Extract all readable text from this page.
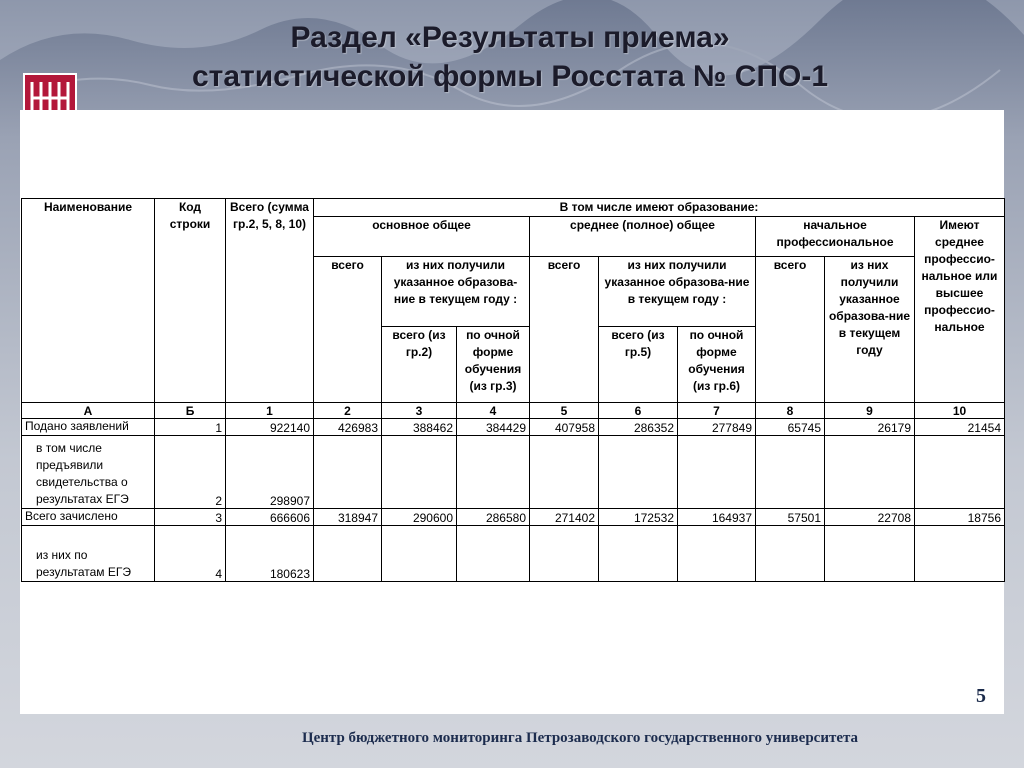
Раздел «Результаты приема»
статистической формы Росстата № СПО-1
Наименование	Код строки	Всего (сумма гр.2, 5, 8, 10)	В том числе имеют образование:								
			основное общее			среднее (полное) общее			начальное профессиональное		Имеют среднее профессио-нальное или высшее профессио-нальное
			всего	из них получили указанное образова-ние в текущем году :		всего	из них получили указанное образова-ние в текущем году :		всего	из них получили указанное образова-ние в текущем году	
				всего (из гр.2)	по очной форме обучения (из гр.3)		всего (из гр.5)	по очной форме обучения (из гр.6)			
А	Б	1	2	3	4	5	6	7	8	9	10
Подано заявлений	1	922140	426983	388462	384429	407958	286352	277849	65745	26179	21454
в том числе предъявили свидетельства о результатах ЕГЭ	2	298907									
Всего зачислено	3	666606	318947	290600	286580	271402	172532	164937	57501	22708	18756
из них по результатам ЕГЭ	4	180623									
5
Центр бюджетного мониторинга Петрозаводского государственного университета
